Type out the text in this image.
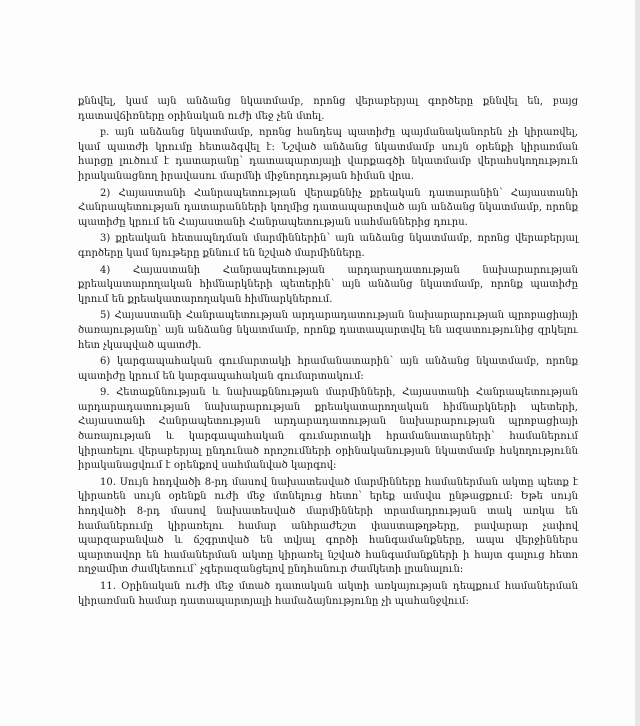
քննվել, կամ այն անձանց նկատմամբ, որոնց վերաբերյալ գործերը քննվել են, բայց դատավճիռները օրինական ուժի մեջ չեն մտել.

բ. այն անձանց նկատմամբ, որոնց հանդեպ պատիժը պայմանականորեն չի կիրառվել, կամ պատժի կրումը հետաձգվել է: Նշված անձանց նկատմամբ սույն օրենքի կիրառման հարցը լուծում է դատարանը՝ դատապարտյալի վարքագծի նկատմամբ վերահսկողություն իրականացնող իրավասու մարմնի միջնորդության հիման վրա.

2) Հայաստանի Հանրապետության վերաքննիչ քրեական դատարանին՝ Հայաստանի Հանրապետության դատարանների կողմից դատապարտված այն անձանց նկատմամբ, որոնք պատիժը կրում են Հայաստանի Հանրապետության սահմաններից դուրս.

3) քրեական հետապնդման մարմիններին՝ այն անձանց նկատմամբ, որոնց վերաբերյալ գործերը կամ նյութերը քննում են նշված մարմինները.

4) Հայաստանի Հանրապետության արդարադատության նախարարության քրեակատարողական հիմնարկների պետերին՝ այն անձանց նկատմամբ, որոնք պատիժը կրում են քրեակատարողական հիմնարկներում.

5) Հայաստանի Հանրապետության արդարադատության նախարարության պրոբացիայի ծառայությանը՝ այն անձանց նկատմամբ, որոնք դատապարտվել են ազատությունից զրկելու հետ չկապված պատժի.

6) կարգապահական գումարտակի հրամանատարին՝ այն անձանց նկատմամբ, որոնք պատիժը կրում են կարգապահական գումարտակում:

9. Հետաքննության և նախաքննության մարմինների, Հայաստանի Հանրապետության արդարադատության նախարարության քրեակատարողական հիմնարկների պետերի, Հայաստանի Հանրապետության արդարադատության նախարարության պրոբացիայի ծառայության և կարգապահական գումարտակի հրամանատարների՝ համաներում կիրառելու վերաբերյալ ընդունած որոշումների օրինականության նկատմամբ հսկողությունն իրականացվում է օրենքով սահմանված կարգով:

10. Սույն հոդվածի 8-րդ մասով նախատեսված մարմինները համաներման ակտը պետք է կիրառեն սույն օրենքն ուժի մեջ մտնելուց հետո՝ երեք ամսվա ընթացքում: Եթե սույն հոդվածի 8-րդ մասով նախատեսված մարմինների տրամադրության տակ առկա են համաներումը կիրառելու համար անհրաժեշտ փաստաթղթերը, բավարար չափով պարզաբանված և ճշգրտված են տվյալ գործի հանգամանքները, ապա վերջիններս պարտավոր են համաներման ակտը կիրառել նշված հանգամանքների ի հայտ գալուց հետո ողջամիտ ժամկետում՝ չգերազանցելով ընդհանուր ժամկետի լրանալուն:

11. Օրինական ուժի մեջ մտած դատական ակտի առկայության դեպքում համաներման կիրառման համար դատապարտյալի համաձայնությունը չի պահանջվում:
